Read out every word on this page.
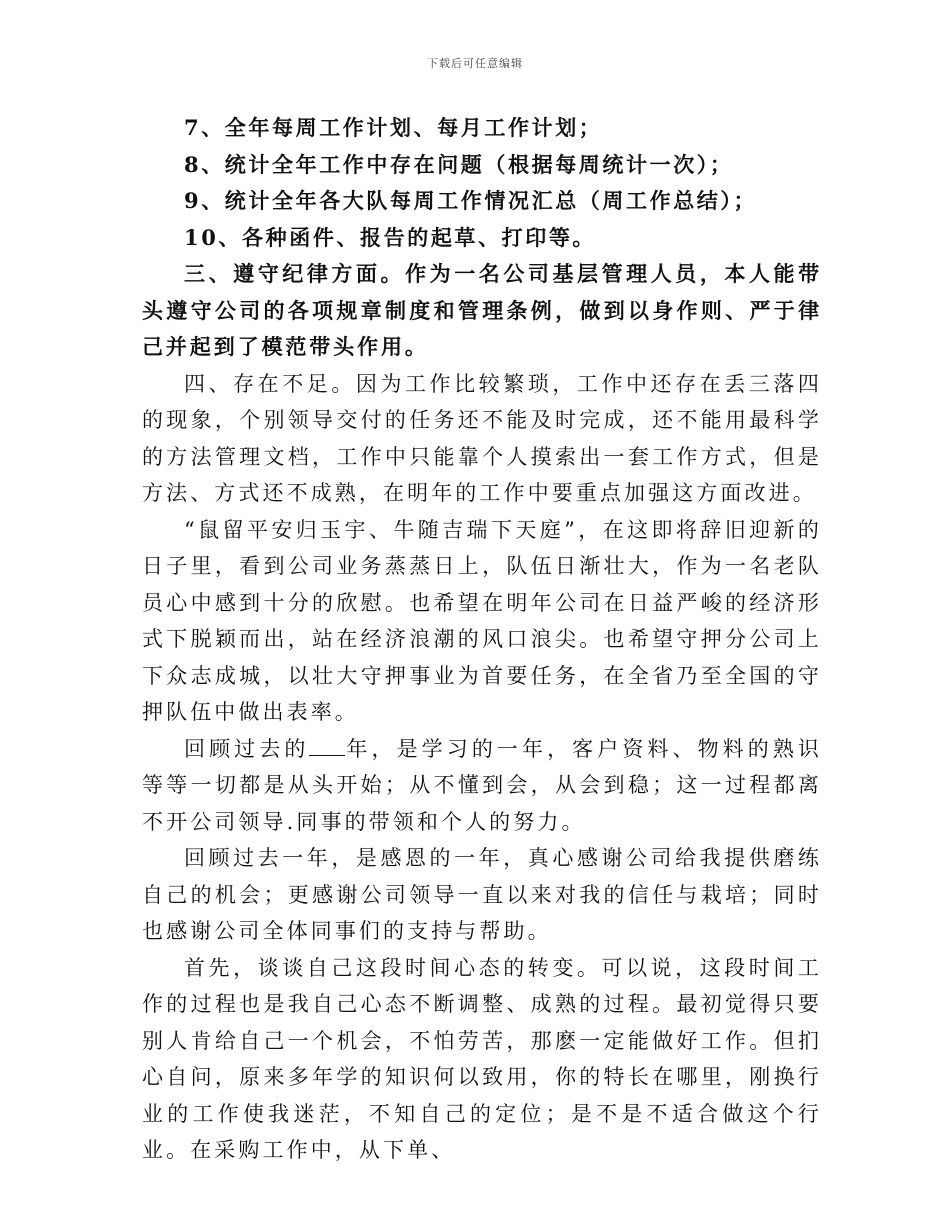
下载后可任意编辑

7、全年每周工作计划、每月工作计划；

8、统计全年工作中存在问题（根据每周统计一次）；

9、统计全年各大队每周工作情况汇总（周工作总结）；

10、各种函件、报告的起草、打印等。

三、遵守纪律方面。作为一名公司基层管理人员，本人能带头遵守公司的各项规章制度和管理条例，做到以身作则、严于律己并起到了模范带头作用。

四、存在不足。因为工作比较繁琐，工作中还存在丢三落四的现象，个别领导交付的任务还不能及时完成，还不能用最科学的方法管理文档，工作中只能靠个人摸索出一套工作方式，但是方法、方式还不成熟，在明年的工作中要重点加强这方面改进。

“鼠留平安归玉宇、牛随吉瑞下天庭”，在这即将辞旧迎新的日子里，看到公司业务蒸蒸日上，队伍日渐壮大，作为一名老队员心中感到十分的欣慰。也希望在明年公司在日益严峻的经济形式下脱颖而出，站在经济浪潮的风口浪尖。也希望守押分公司上下众志成城，以壮大守押事业为首要任务，在全省乃至全国的守押队伍中做出表率。

回顾过去的 年，是学习的一年，客户资料、物料的熟识等等一切都是从头开始；从不懂到会，从会到稳；这一过程都离不开公司领导.同事的带领和个人的努力。

回顾过去一年，是感恩的一年，真心感谢公司给我提供磨练自己的机会；更感谢公司领导一直以来对我的信任与栽培；同时也感谢公司全体同事们的支持与帮助。

首先，谈谈自己这段时间心态的转变。可以说，这段时间工作的过程也是我自己心态不断调整、成熟的过程。最初觉得只要别人肯给自己一个机会，不怕劳苦，那麽一定能做好工作。但扪心自问，原来多年学的知识何以致用，你的特长在哪里，刚换行业的工作使我迷茫，不知自己的定位；是不是不适合做这个行业。在采购工作中，从下单、
